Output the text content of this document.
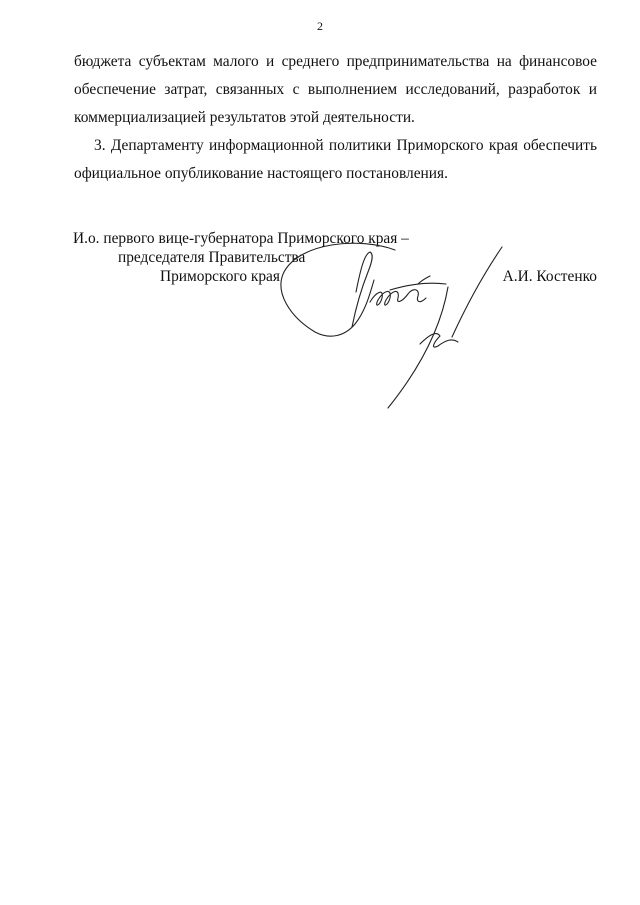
2

бюджета субъектам малого и среднего предпринимательства на финансовое обеспечение затрат, связанных с выполнением исследований, разработок и коммерциализацией результатов этой деятельности.

3. Департаменту информационной политики Приморского края обеспечить официальное опубликование настоящего постановления.

И.о. первого вице-губернатора Приморского края –
председателя Правительства
Приморского края	А.И. Костенко
